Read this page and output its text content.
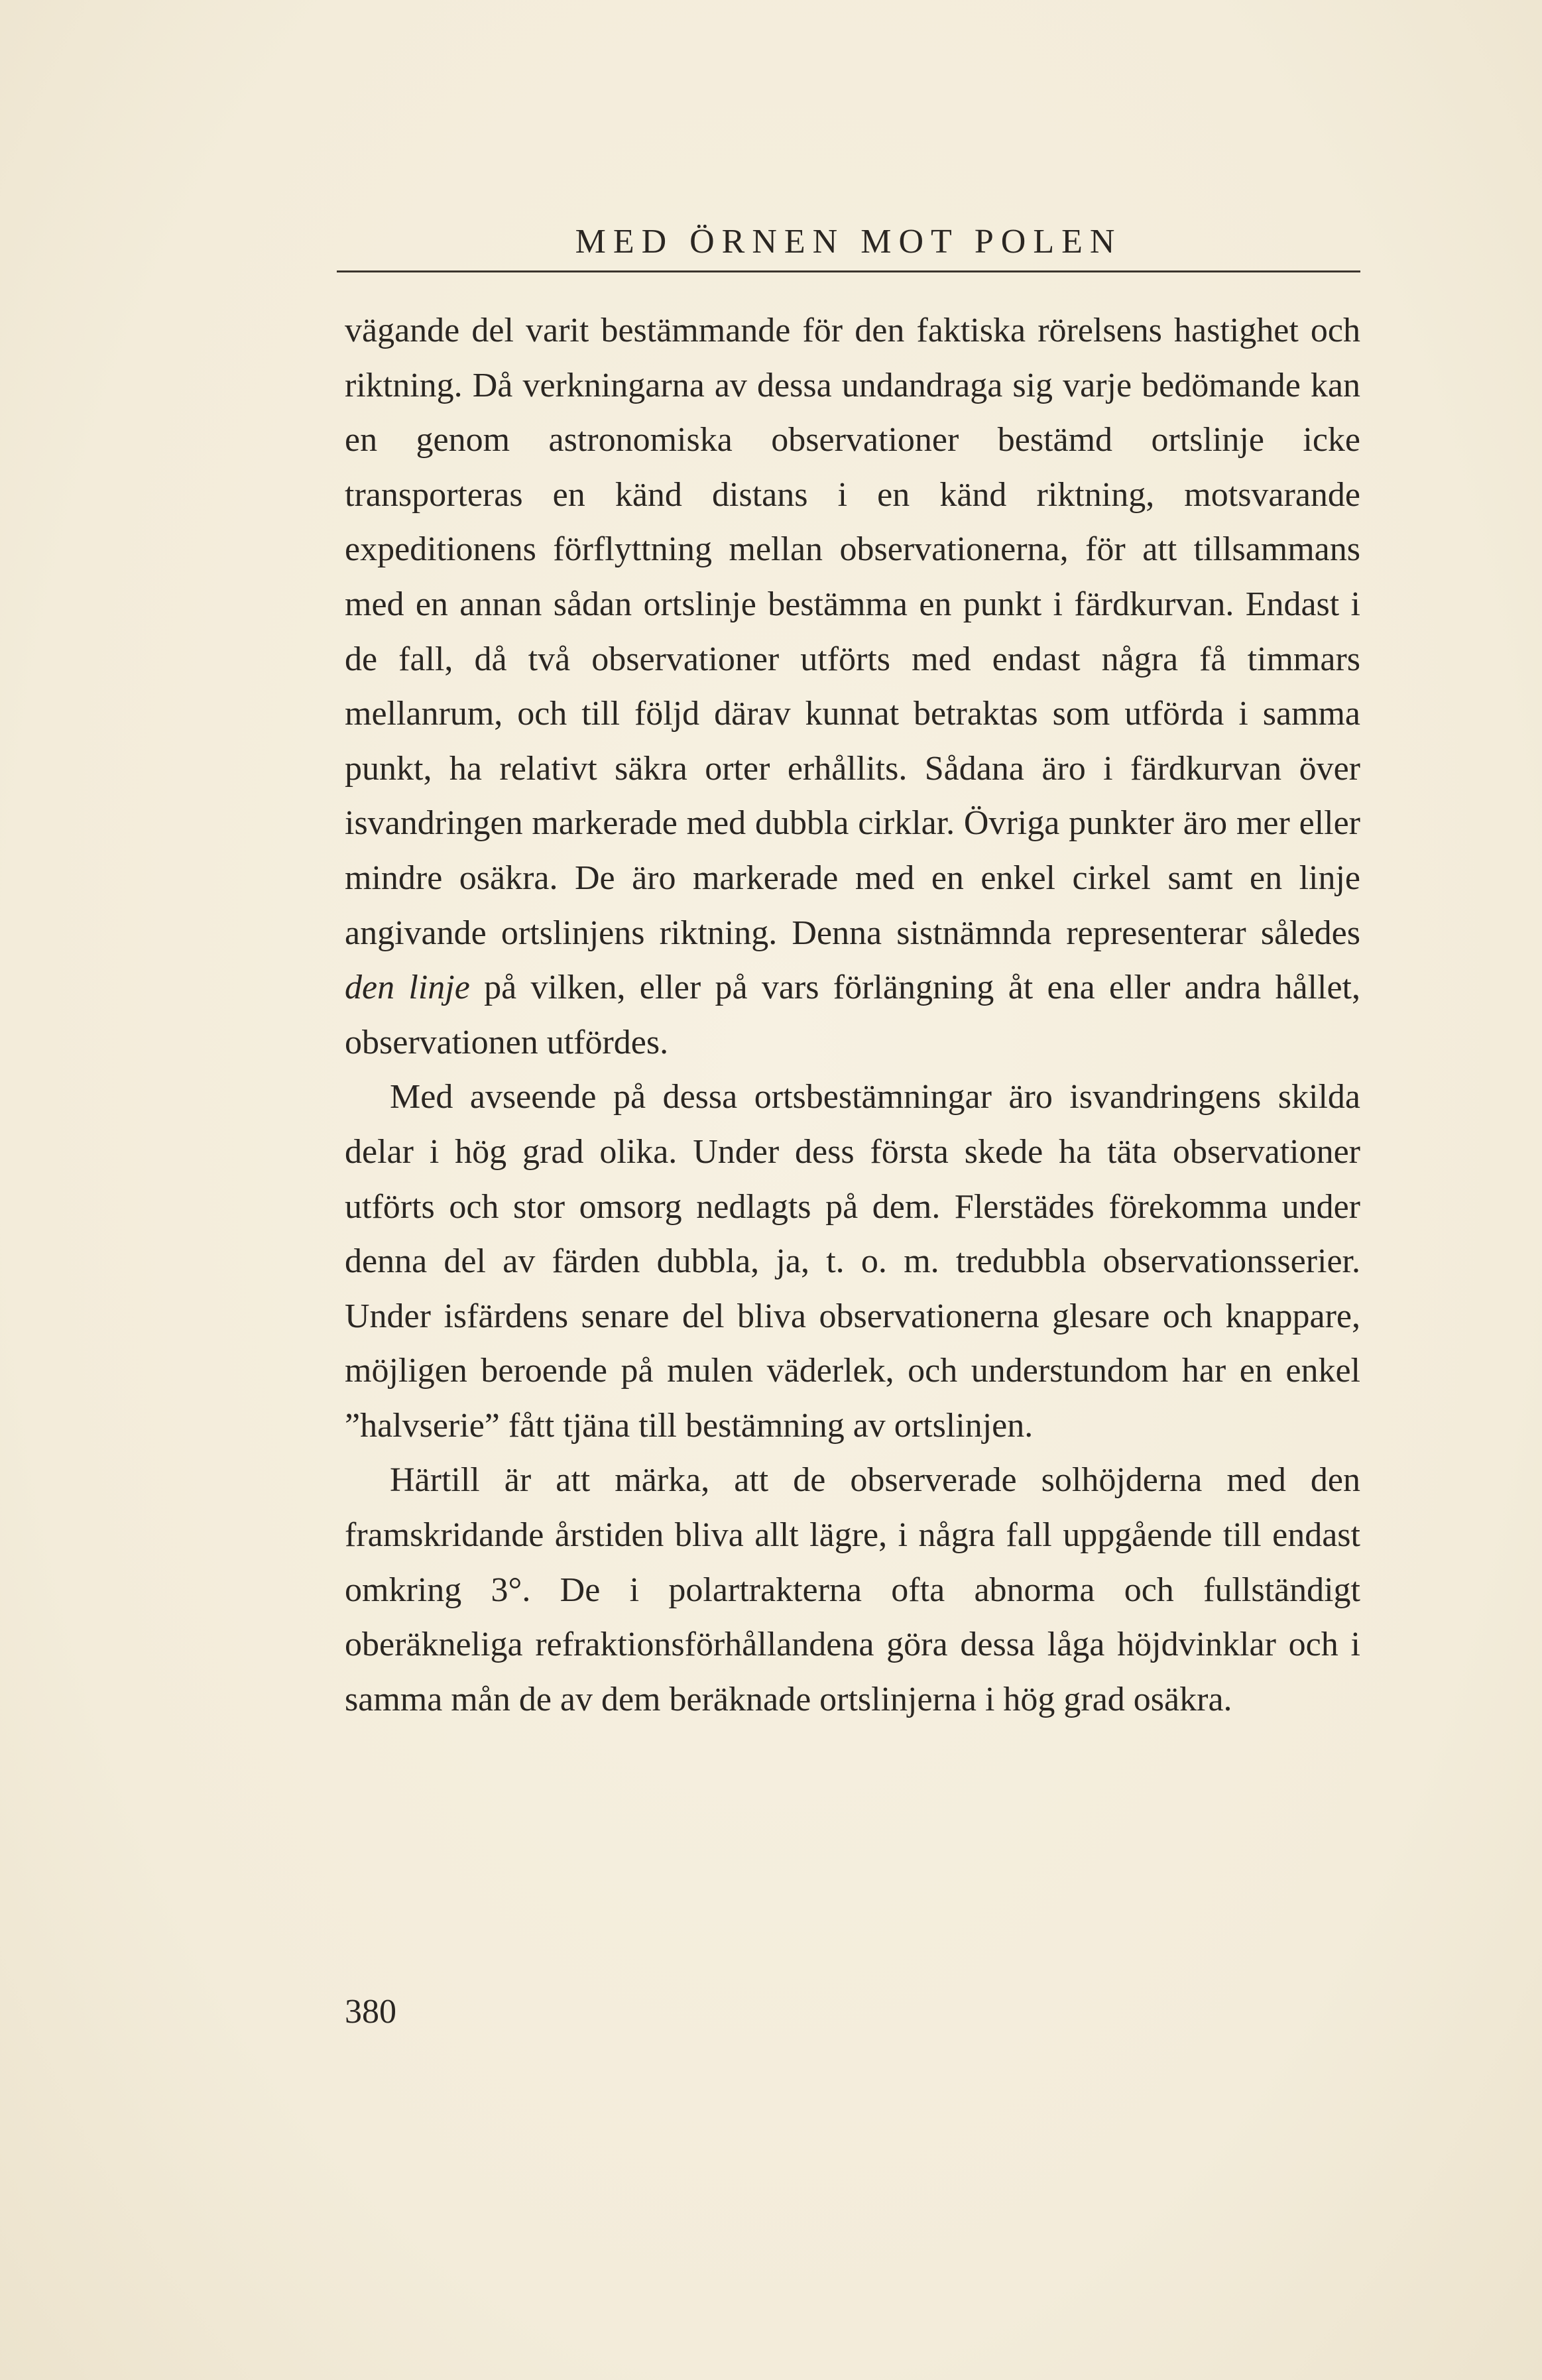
MED ÖRNEN MOT POLEN

vägande del varit bestämmande för den faktiska rörelsens hastighet och riktning. Då verkningarna av dessa undandraga sig varje bedömande kan en genom astronomiska observationer bestämd ortslinje icke transporteras en känd distans i en känd riktning, motsvarande expeditionens förflyttning mellan observationerna, för att tillsammans med en annan sådan ortslinje bestämma en punkt i färdkurvan. Endast i de fall, då två observationer utförts med endast några få timmars mellanrum, och till följd därav kunnat betraktas som utförda i samma punkt, ha relativt säkra orter erhållits. Sådana äro i färdkurvan över isvandringen markerade med dubbla cirklar. Övriga punkter äro mer eller mindre osäkra. De äro markerade med en enkel cirkel samt en linje angivande ortslinjens riktning. Denna sistnämnda representerar således den linje på vilken, eller på vars förlängning åt ena eller andra hållet, observationen utfördes.

Med avseende på dessa ortsbestämningar äro isvandringens skilda delar i hög grad olika. Under dess första skede ha täta observationer utförts och stor omsorg nedlagts på dem. Flerstädes förekomma under denna del av färden dubbla, ja, t. o. m. tredubbla observationsserier. Under isfärdens senare del bliva observationerna glesare och knappare, möjligen beroende på mulen väderlek, och understundom har en enkel ”halvserie” fått tjäna till bestämning av ortslinjen.

Härtill är att märka, att de observerade solhöjderna med den framskridande årstiden bliva allt lägre, i några fall uppgående till endast omkring 3°. De i polartrakterna ofta abnorma och fullständigt oberäkneliga refraktionsförhållandena göra dessa låga höjdvinklar och i samma mån de av dem beräknade ortslinjerna i hög grad osäkra.

380
